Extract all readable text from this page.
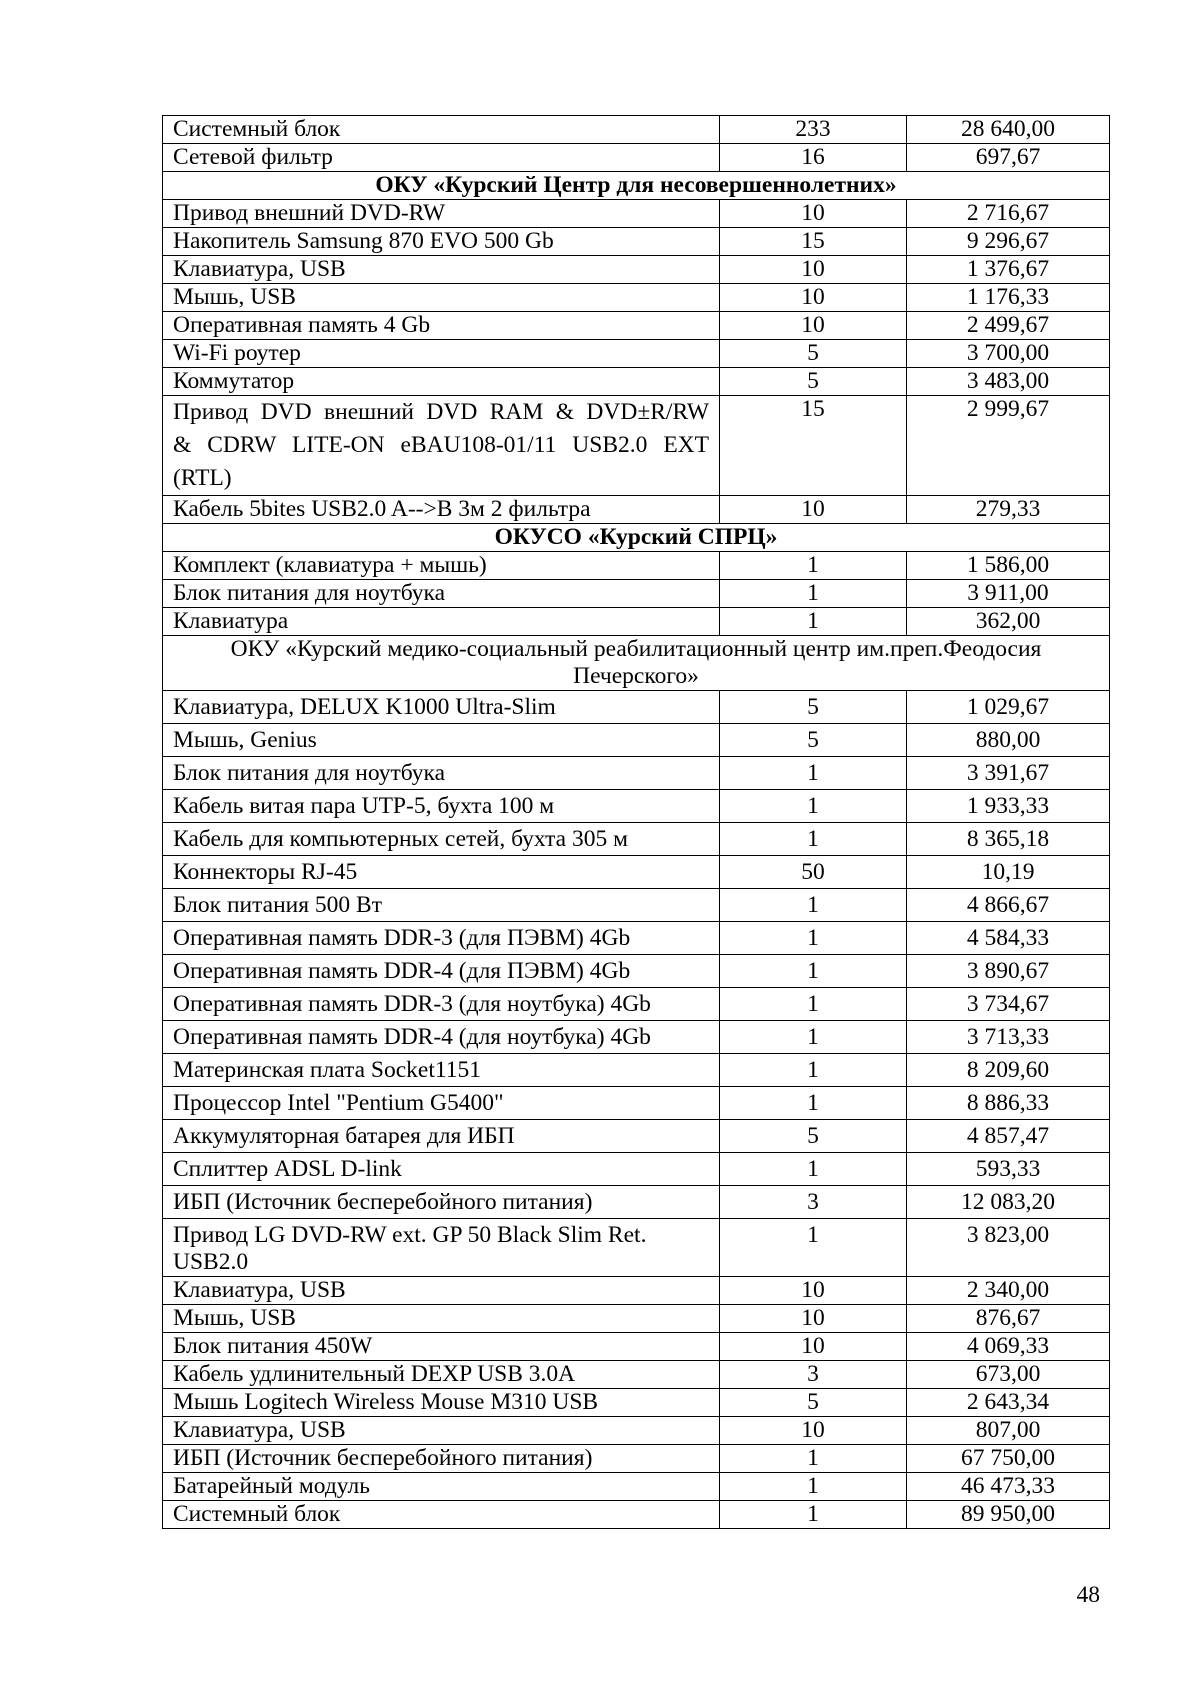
Системный блок	233	28 640,00
Сетевой фильтр	16	697,67
ОКУ «Курский Центр для несовершеннолетних»		
Привод внешний DVD-RW	10	2 716,67
Накопитель Samsung 870 EVO 500 Gb	15	9 296,67
Клавиатура, USB	10	1 376,67
Мышь, USB	10	1 176,33
Оперативная память 4 Gb	10	2 499,67
Wi-Fi роутер	5	3 700,00
Коммутатор	5	3 483,00
Привод DVD внешний DVD RAM & DVD±R/RW & CDRW LITE-ON eBAU108-01/11 USB2.0 EXT (RTL)	15	2 999,67
Кабель 5bites USB2.0 A-->B 3м 2 фильтра	10	279,33
ОКУСО «Курский СПРЦ»		
Комплект (клавиатура + мышь)	1	1 586,00
Блок питания для ноутбука	1	3 911,00
Клавиатура	1	362,00
ОКУ «Курский медико-социальный реабилитационный центр им.преп.Феодосия Печерского»		
Клавиатура, DELUX K1000 Ultra-Slim	5	1 029,67
Мышь, Genius	5	880,00
Блок питания для ноутбука	1	3 391,67
Кабель витая пара UTP-5, бухта 100 м	1	1 933,33
Кабель для компьютерных сетей, бухта 305 м	1	8 365,18
Коннекторы RJ-45	50	10,19
Блок питания 500 Вт	1	4 866,67
Оперативная память DDR-3 (для ПЭВМ) 4Gb	1	4 584,33
Оперативная память DDR-4 (для ПЭВМ) 4Gb	1	3 890,67
Оперативная память DDR-3 (для ноутбука) 4Gb	1	3 734,67
Оперативная память DDR-4 (для ноутбука) 4Gb	1	3 713,33
Материнская плата Socket1151	1	8 209,60
Процессор Intel "Pentium G5400"	1	8 886,33
Аккумуляторная батарея для ИБП	5	4 857,47
Сплиттер ADSL D-link	1	593,33
ИБП (Источник бесперебойного питания)	3	12 083,20
Привод LG DVD-RW ext. GP 50 Black Slim Ret. USB2.0	1	3 823,00
Клавиатура, USB	10	2 340,00
Мышь, USB	10	876,67
Блок питания 450W	10	4 069,33
Кабель удлинительный DEXP USB 3.0A	3	673,00
Мышь Logitech Wireless Mouse M310 USB	5	2 643,34
Клавиатура, USB	10	807,00
ИБП (Источник бесперебойного питания)	1	67 750,00
Батарейный модуль	1	46 473,33
Системный блок	1	89 950,00
48
